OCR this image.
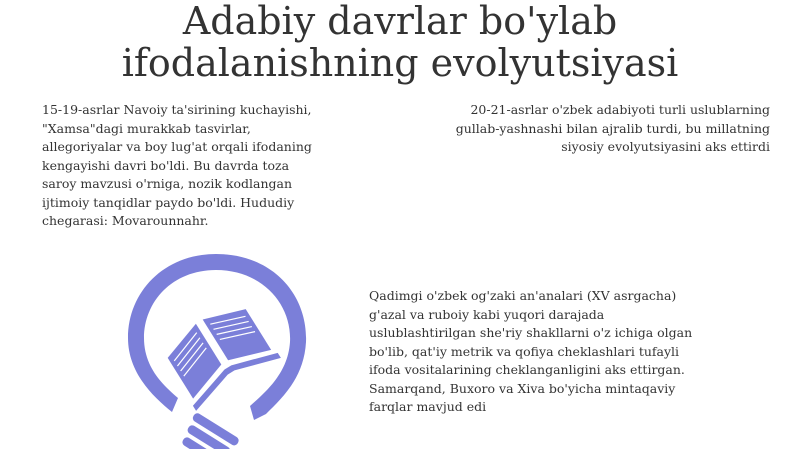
Adabiy davrlar bo'ylab
ifodalanishning evolyutsiyasi
15-19-asrlar Navoiy ta'sirining kuchayishi,
"Xamsa"dagi murakkab tasvirlar,
allegoriyalar va boy lug'at orqali ifodaning
kengayishi davri bo'ldi. Bu davrda toza
saroy mavzusi o'rniga, nozik kodlangan
ijtimoiy tanqidlar paydo bo'ldi. Hududiy
chegarasi: Movarounnahr.
20-21-asrlar o'zbek adabiyoti turli uslublarning
gullab-yashnashi bilan ajralib turdi, bu millatning
siyosiy evolyutsiyasini aks ettirdi
Qadimgi o'zbek og'zaki an'analari (XV asrgacha)
g'azal va ruboiy kabi yuqori darajada
uslublashtirilgan she'riy shakllarni o'z ichiga olgan
bo'lib, qat'iy metrik va qofiya cheklashlari tufayli
ifoda vositalarining cheklanganligini aks ettirgan.
Samarqand, Buxoro va Xiva bo'yicha mintaqaviy
farqlar mavjud edi
